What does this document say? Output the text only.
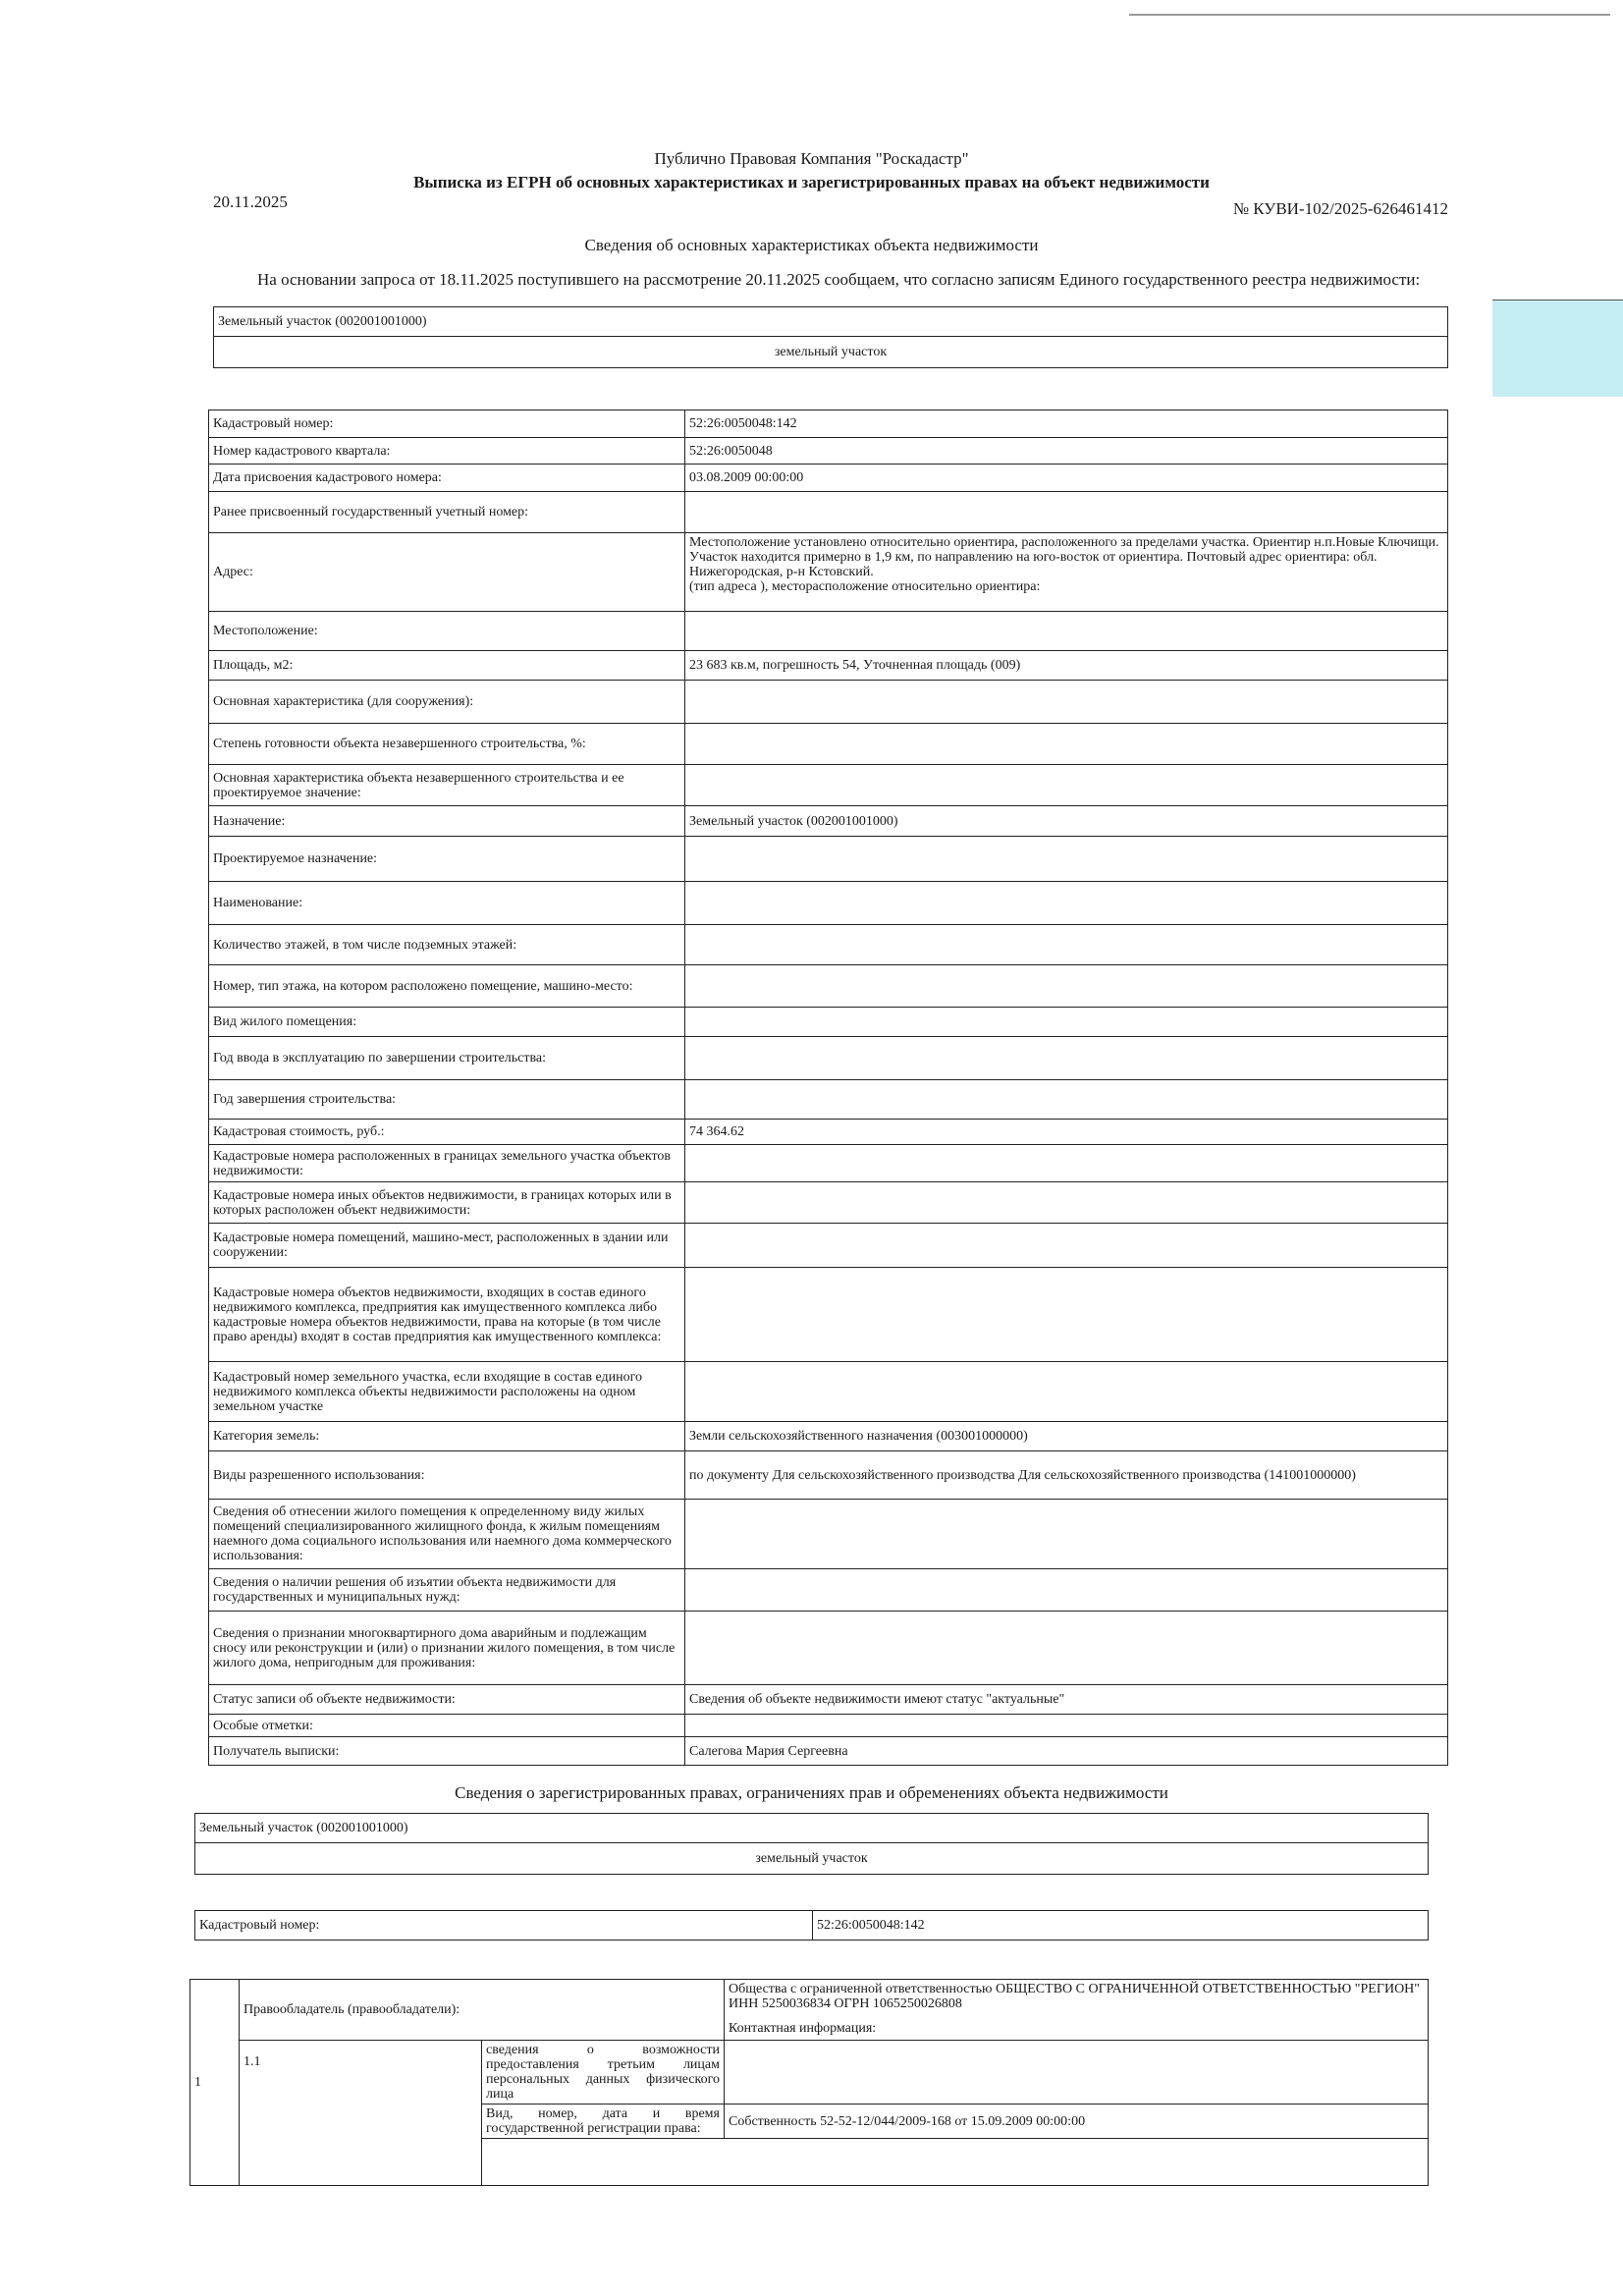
Публично Правовая Компания "Роскадастр"
Выписка из ЕГРН об основных характеристиках и зарегистрированных правах на объект недвижимости
20.11.2025	№ КУВИ-102/2025-626461412
Сведения об основных характеристиках объекта недвижимости
На основании запроса от 18.11.2025 поступившего на рассмотрение 20.11.2025 сообщаем, что согласно записям Единого государственного реестра недвижимости:
Земельный участок (002001001000)
земельный участок
Кадастровый номер:	52:26:0050048:142
Номер кадастрового квартала:	52:26:0050048
Дата присвоения кадастрового номера:	03.08.2009 00:00:00
Ранее присвоенный государственный учетный номер:	
Адрес:	Местоположение установлено относительно ориентира, расположенного за пределами участка. Ориентир н.п.Новые Ключищи. Участок находится примерно в 1,9 км, по направлению на юго-восток от ориентира. Почтовый адрес ориентира: обл. Нижегородская, р-н Кстовский.
(тип адреса ), месторасположение относительно ориентира:

Местоположение:	
Площадь, м2:	23 683 кв.м, погрешность 54, Уточненная площадь (009)
Основная характеристика (для сооружения):	
Степень готовности объекта незавершенного строительства, %:	
Основная характеристика объекта незавершенного строительства и ее проектируемое значение:	
Назначение:	Земельный участок (002001001000)
Проектируемое назначение:	
Наименование:	
Количество этажей, в том числе подземных этажей:	
Номер, тип этажа, на котором расположено помещение, машино-место:	
Вид жилого помещения:	
Год ввода в эксплуатацию по завершении строительства:	
Год завершения строительства:	
Кадастровая стоимость, руб.:	74 364.62
Кадастровые номера расположенных в границах земельного участка объектов недвижимости:	
Кадастровые номера иных объектов недвижимости, в границах которых или в которых расположен объект недвижимости:	
Кадастровые номера помещений, машино-мест, расположенных в здании или сооружении:	
Кадастровые номера объектов недвижимости, входящих в состав единого недвижимого комплекса, предприятия как имущественного комплекса либо кадастровые номера объектов недвижимости, права на которые (в том числе право аренды) входят в состав предприятия как имущественного комплекса:	
Кадастровый номер земельного участка, если входящие в состав единого недвижимого комплекса объекты недвижимости расположены на одном земельном участке	
Категория земель:	Земли сельскохозяйственного назначения (003001000000)
Виды разрешенного использования:	по документу Для сельскохозяйственного производства Для сельскохозяйственного производства (141001000000)
Сведения об отнесении жилого помещения к определенному виду жилых помещений специализированного жилищного фонда, к жилым помещениям наемного дома социального использования или наемного дома коммерческого использования:	
Сведения о наличии решения об изъятии объекта недвижимости для государственных и муниципальных нужд:	
Сведения о признании многоквартирного дома аварийным и подлежащим сносу или реконструкции и (или) о признании жилого помещения, в том числе жилого дома, непригодным для проживания:	
Статус записи об объекте недвижимости:	Сведения об объекте недвижимости имеют статус "актуальные"
Особые отметки:	
Получатель выписки:	Салегова Мария Сергеевна
Сведения о зарегистрированных правах, ограничениях прав и обременениях объекта недвижимости
Земельный участок (002001001000)
земельный участок
Кадастровый номер:	52:26:0050048:142
1	Правообладатель (правообладатели):		Общества с ограниченной ответственностью ОБЩЕСТВО С ОГРАНИЧЕННОЙ ОТВЕТСТВЕННОСТЬЮ "РЕГИОН" ИНН 5250036834 ОГРН 1065250026808
Контактная информация:

	1.1	сведения о возможности предоставления третьим лицам персональных данных физического лица	
		Вид, номер, дата и время государственной регистрации права:	Собственность 52-52-12/044/2009-168 от 15.09.2009 00:00:00
